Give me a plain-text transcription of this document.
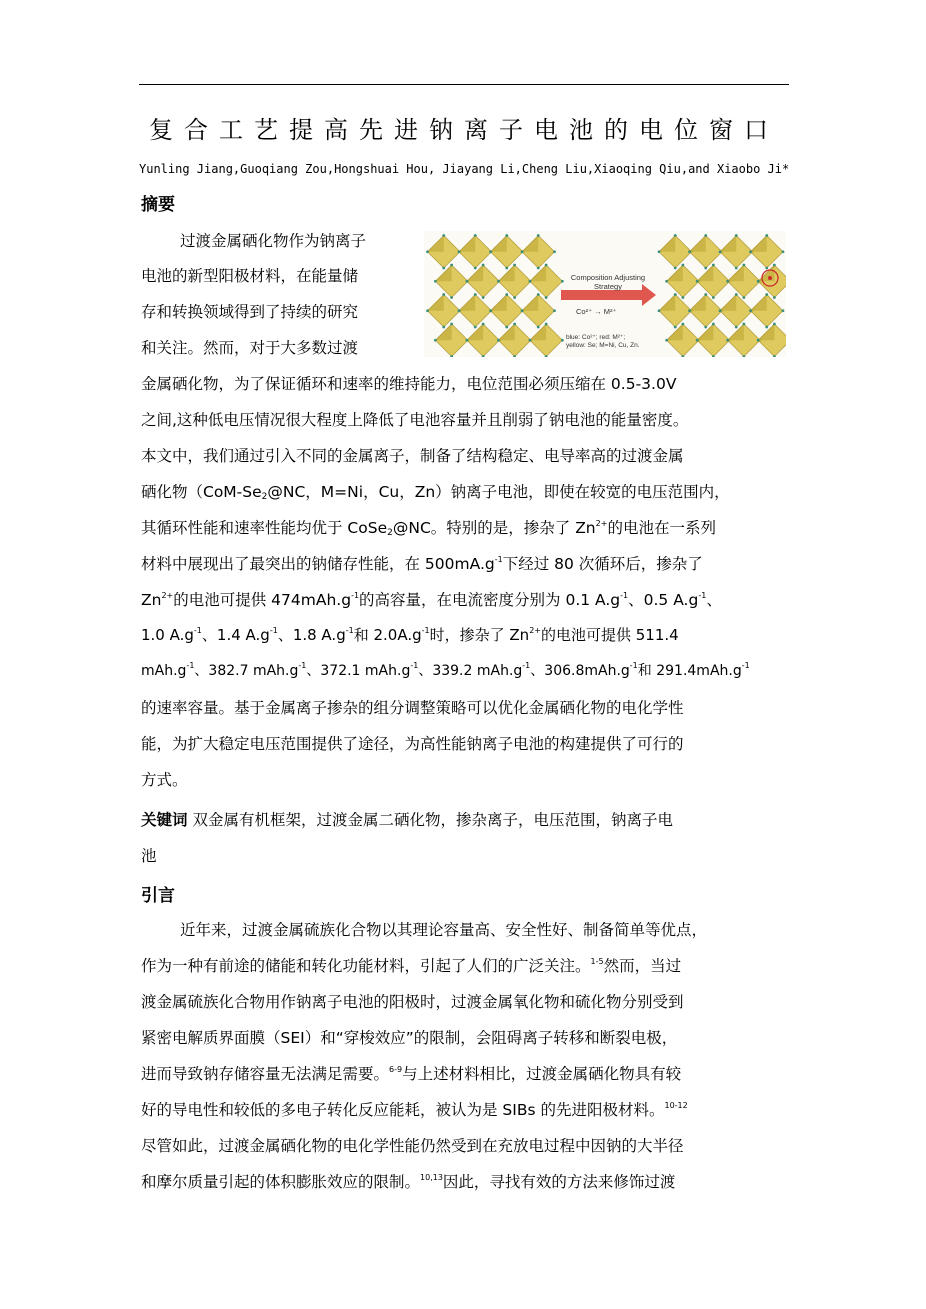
复合工艺提高先进钠离子电池的电位窗口
Yunling Jiang,Guoqiang Zou,Hongshuai Hou, Jiayang Li,Cheng Liu,Xiaoqing Qiu,and Xiaobo Ji*
摘要
过渡金属硒化物作为钠离子
电池的新型阳极材料，在能量储
存和转换领域得到了持续的研究
和关注。然而，对于大多数过渡
金属硒化物，为了保证循环和速率的维持能力，电位范围必须压缩在 0.5-3.0V
之间,这种低电压情况很大程度上降低了电池容量并且削弱了钠电池的能量密度。
本文中，我们通过引入不同的金属离子，制备了结构稳定、电导率高的过渡金属
硒化物（$CoM-Se_2@NC$，M=Ni，Cu，Zn）钠离子电池，即使在较宽的电压范围内，
其循环性能和速率性能均优于 CoSe$_2$@NC。特别的是，掺杂了 $Zn^{2+}$的电池在一系列
材料中展现出了最突出的钠储存性能，在 $500mA.g^{-1}$下经过 80 次循环后，掺杂了
$Zn^{2+}$的电池可提供 $474mAh.g^{-1}$的高容量，在电流密度分别为 0.1 $A.g^{-1}$、0.5 $A.g^{-1}$、
1.0 $A.g^{-1}$、1.4 $A.g^{-1}$、1.8 $A.g^{-1}$和 $2.0A.g^{-1}$时，掺杂了 $Zn^{2+}$的电池可提供 511.4
$mAh.g^{-1}$、382.7 $mAh.g^{-1}$、372.1 $mAh.g^{-1}$、339.2 $mAh.g^{-1}$、$306.8mAh.g^{-1}$和 $291.4mAh.g^{-1}$
的速率容量。基于金属离子掺杂的组分调整策略可以优化金属硒化物的电化学性
能，为扩大稳定电压范围提供了途径，为高性能钠离子电池的构建提供了可行的
方式。
关键词 双金属有机框架，过渡金属二硒化物，掺杂离子，电压范围，钠离子电
池
引言
近年来，过渡金属硫族化合物以其理论容量高、安全性好、制备简单等优点，
作为一种有前途的储能和转化功能材料，引起了人们的广泛关注。$^{1-5}$然而，当过
渡金属硫族化合物用作钠离子电池的阳极时，过渡金属氧化物和硫化物分别受到
紧密电解质界面膜（SEI）和“穿梭效应”的限制，会阻碍离子转移和断裂电极，
进而导致钠存储容量无法满足需要。$^{6-9}$与上述材料相比，过渡金属硒化物具有较
好的导电性和较低的多电子转化反应能耗，被认为是 SIBs 的先进阳极材料。$^{10-12}$
尽管如此，过渡金属硒化物的电化学性能仍然受到在充放电过程中因钠的大半径
和摩尔质量引起的体积膨胀效应的限制。$^{10,13}$因此，寻找有效的方法来修饰过渡
Composition Adjusting
Strategy
Co²⁺ → M²⁺
blue: Co²⁺; red: M²⁺;
yellow: Se; M=Ni, Cu, Zn.
